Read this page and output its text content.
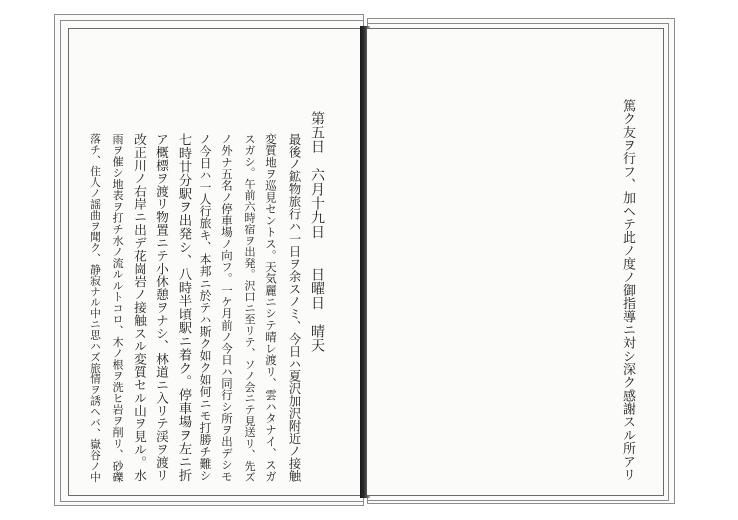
第五日　六月十九日　　日曜日　晴天
最後ノ鉱物旅行ハ一日ヲ余スノミ、今日ハ夏沢加沢附近ノ接触
変質地ヲ巡見セントス。天気麗ニシテ晴レ渡リ、雲ハタナイ、スガ
スガシ。午前六時宿ヲ出発。沢口ニ至リテ、ソノ会ニテ見送リ、先ズ
ノ外ナ五名ノ停車場ノ向フ。一ケ月前ノ今日ハ同行シ所ヲ出デシモ
ノ今日ハ一人行旅キ、本邦ニ於テハ斯ク如ク如何ニモ打勝チ難シ
七時廿分駅ヲ出発シ、八時半頃駅ニ着ク。停車場ヲ左ニ折
ア概標ヲ渡リ物置ニテ小休憩ヲナシ、林道ニ入リテ渓ヲ渡リ
改正川ノ右岸ニ出デ花崗岩ノ接触スル変質セル山ヲ見ル。水
雨ヲ催シ地表ヲ打チ水ノ流ルルトコロ、木ノ根ヲ洗ヒ岩ヲ削リ、砂礫
落チ、住人ノ謡曲ヲ聞ク、静寂ナル中ニ思ハズ旅情ヲ誘ヘバ、嶽谷ノ中	篤ク友ヲ行フ、加ヘテ此ノ度ノ御指導ニ対シ深ク感謝スル所アリ
